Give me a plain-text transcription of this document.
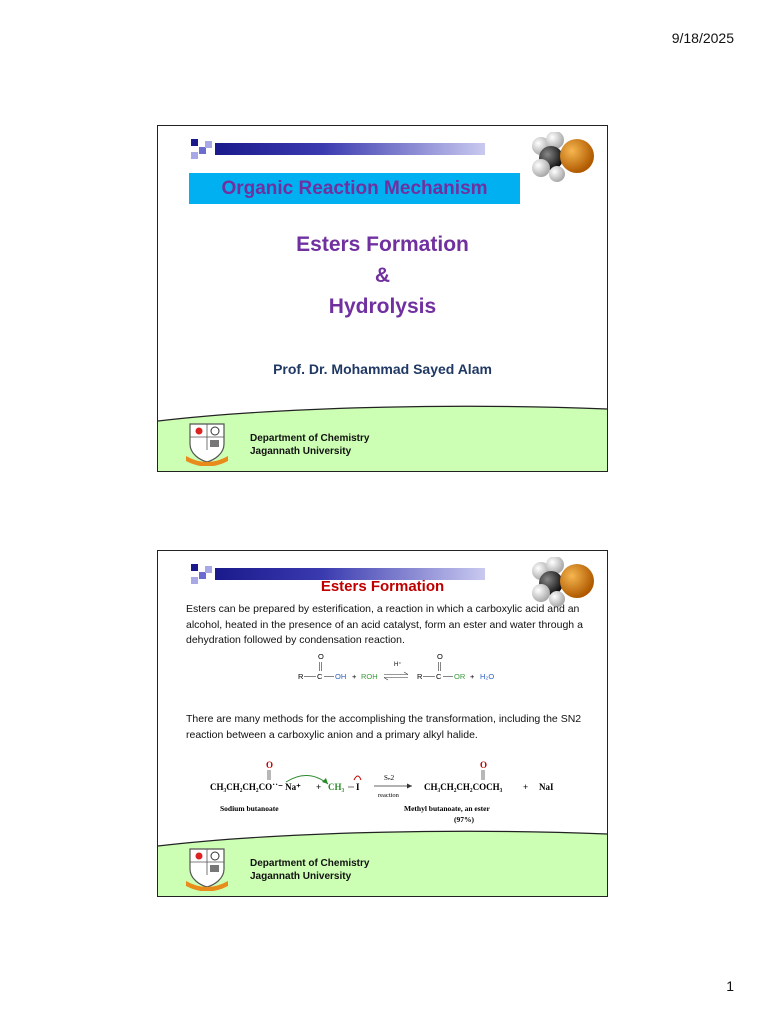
9/18/2025
Organic Reaction Mechanism
Esters Formation
&
Hydrolysis
Prof. Dr. Mohammad Sayed Alam
Department of Chemistry
Jagannath University
Esters Formation
Esters can be prepared by esterification, a reaction in which a carboxylic acid and an alcohol, heated in the presence of an acid catalyst, form an ester and water through a dehydration followed by condensation reaction.
O
R C OH + ROH
H⁺
O
R C OR + H₂O
There are many methods for the accomplishing the transformation, including the SN2 reaction between a carboxylic anion and a primary alkyl halide.
O
CH₃CH₂CH₂CO˙˙⁻ Na⁺ + CH₃ I
Sₙ2
reaction
O
CH₃CH₂CH₂COCH₃ + NaI
Sodium butanoate	Methyl butanoate, an ester
(97%)
Department of Chemistry
Jagannath University
1
